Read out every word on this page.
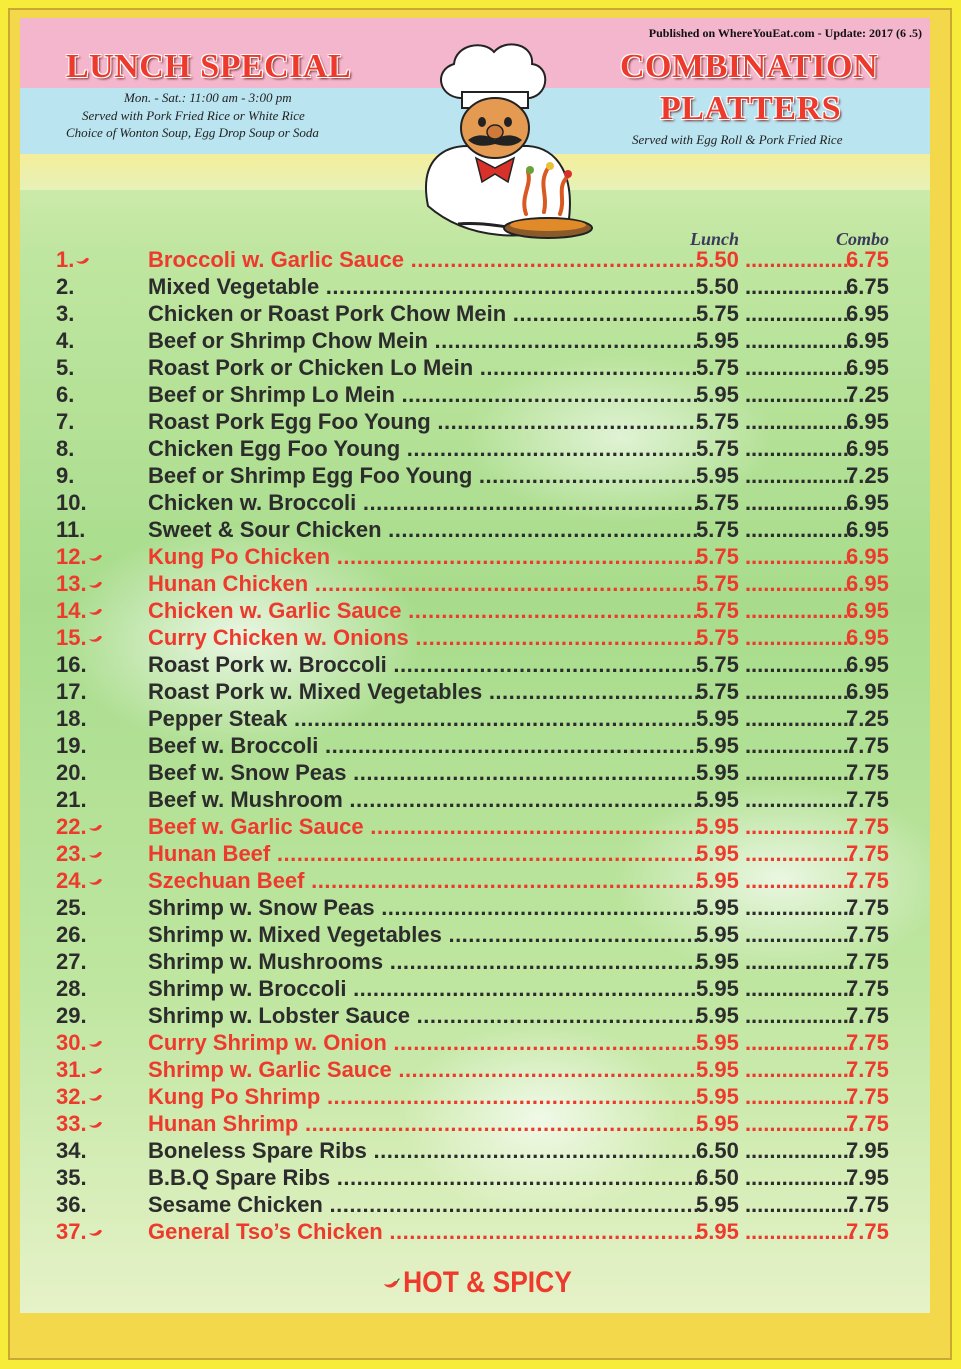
Published on WhereYouEat.com - Update: 2017 (6 .5)
LUNCH SPECIAL
Mon. - Sat.: 11:00 am - 3:00 pm
Served with Pork Fried Rice or White Rice
Choice of Wonton Soup, Egg Drop Soup or Soda
COMBINATION
PLATTERS
Served with Egg Roll & Pork Fried Rice
Lunch	Combo
1.	Broccoli w. Garlic Sauce .....	5.50 .....	6.75
2.	Mixed Vegetable .....	5.50 .....	6.75
3.	Chicken or Roast Pork Chow Mein .....	5.75 .....	6.95
4.	Beef or Shrimp Chow Mein .....	5.95 .....	6.95
5.	Roast Pork or Chicken Lo Mein .....	5.75 .....	6.95
6.	Beef or Shrimp Lo Mein .....	5.95 .....	7.25
7.	Roast Pork Egg Foo Young .....	5.75 .....	6.95
8.	Chicken Egg Foo Young .....	5.75 .....	6.95
9.	Beef or Shrimp Egg Foo Young .....	5.95 .....	7.25
10.	Chicken w. Broccoli .....	5.75 .....	6.95
11.	Sweet & Sour Chicken .....	5.75 .....	6.95
12.	Kung Po Chicken .....	5.75 .....	6.95
13.	Hunan Chicken .....	5.75 .....	6.95
14.	Chicken w. Garlic Sauce .....	5.75 .....	6.95
15.	Curry Chicken w. Onions .....	5.75 .....	6.95
16.	Roast Pork w. Broccoli .....	5.75 .....	6.95
17.	Roast Pork w. Mixed Vegetables .....	5.75 .....	6.95
18.	Pepper Steak .....	5.95 .....	7.25
19.	Beef w. Broccoli .....	5.95 .....	7.75
20.	Beef w. Snow Peas .....	5.95 .....	7.75
21.	Beef w. Mushroom .....	5.95 .....	7.75
22.	Beef w. Garlic Sauce .....	5.95 .....	7.75
23.	Hunan Beef .....	5.95 .....	7.75
24.	Szechuan Beef .....	5.95 .....	7.75
25.	Shrimp w. Snow Peas .....	5.95 .....	7.75
26.	Shrimp w. Mixed Vegetables .....	5.95 .....	7.75
27.	Shrimp w. Mushrooms .....	5.95 .....	7.75
28.	Shrimp w. Broccoli .....	5.95 .....	7.75
29.	Shrimp w. Lobster Sauce .....	5.95 .....	7.75
30.	Curry Shrimp w. Onion .....	5.95 .....	7.75
31.	Shrimp w. Garlic Sauce .....	5.95 .....	7.75
32.	Kung Po Shrimp .....	5.95 .....	7.75
33.	Hunan Shrimp .....	5.95 .....	7.75
34.	Boneless Spare Ribs .....	6.50 .....	7.95
35.	B.B.Q Spare Ribs .....	6.50 .....	7.95
36.	Sesame Chicken .....	5.95 .....	7.75
37.	General Tso’s Chicken .....	5.95 .....	7.75
HOT & SPICY
